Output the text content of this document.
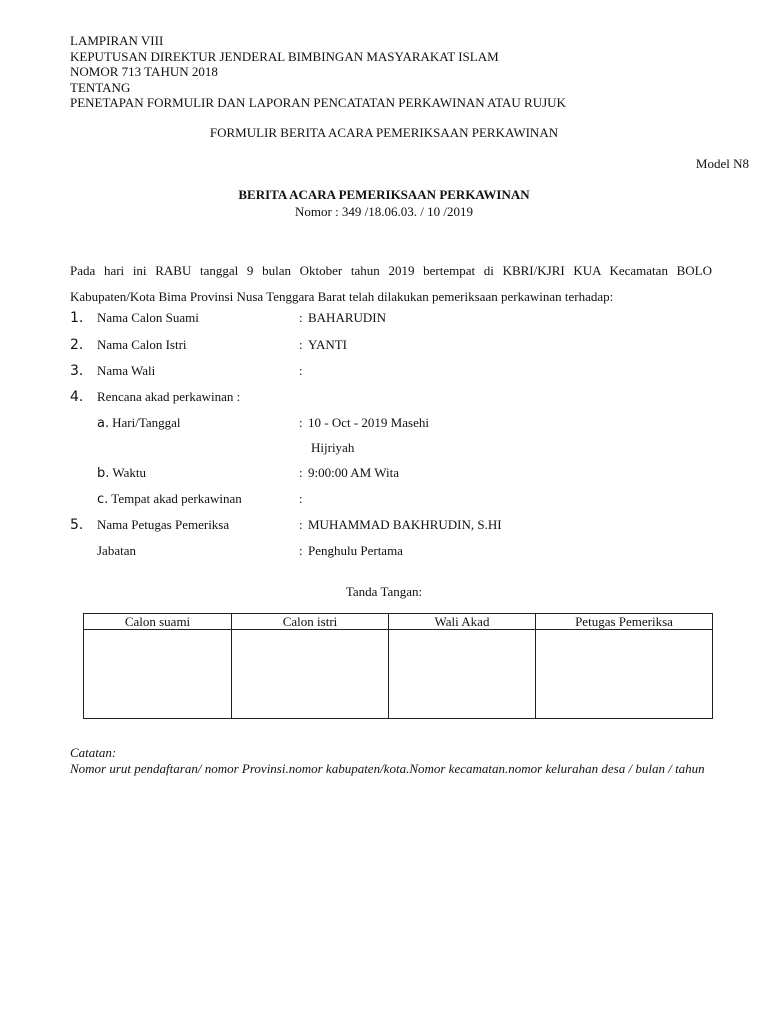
LAMPIRAN VIII
KEPUTUSAN DIREKTUR JENDERAL BIMBINGAN MASYARAKAT ISLAM
NOMOR 713 TAHUN 2018
TENTANG
PENETAPAN FORMULIR DAN LAPORAN PENCATATAN PERKAWINAN ATAU RUJUK
FORMULIR BERITA ACARA PEMERIKSAAN PERKAWINAN
Model N8
BERITA ACARA PEMERIKSAAN PERKAWINAN
Nomor : 349 /18.06.03. / 10 /2019
Pada hari ini RABU tanggal 9 bulan Oktober tahun 2019 bertempat di KBRI/KJRI KUA Kecamatan BOLO
Kabupaten/Kota Bima Provinsi Nusa Tenggara Barat telah dilakukan pemeriksaan perkawinan terhadap:
1. Nama Calon Suami	: BAHARUDIN
2. Nama Calon Istri	: YANTI
3. Nama Wali	:
4. Rencana akad perkawinan :
a. Hari/Tanggal	: 10 - Oct - 2019 Masehi
Hijriyah
b. Waktu	: 9:00:00 AM Wita
c. Tempat akad perkawinan	:
5. Nama Petugas Pemeriksa	: MUHAMMAD BAKHRUDIN, S.HI
Jabatan	: Penghulu Pertama
Tanda Tangan:
Calon suami	Calon istri	Wali Akad	Petugas Pemeriksa

Catatan:
Nomor urut pendaftaran/ nomor Provinsi.nomor kabupaten/kota.Nomor kecamatan.nomor kelurahan desa / bulan / tahun
